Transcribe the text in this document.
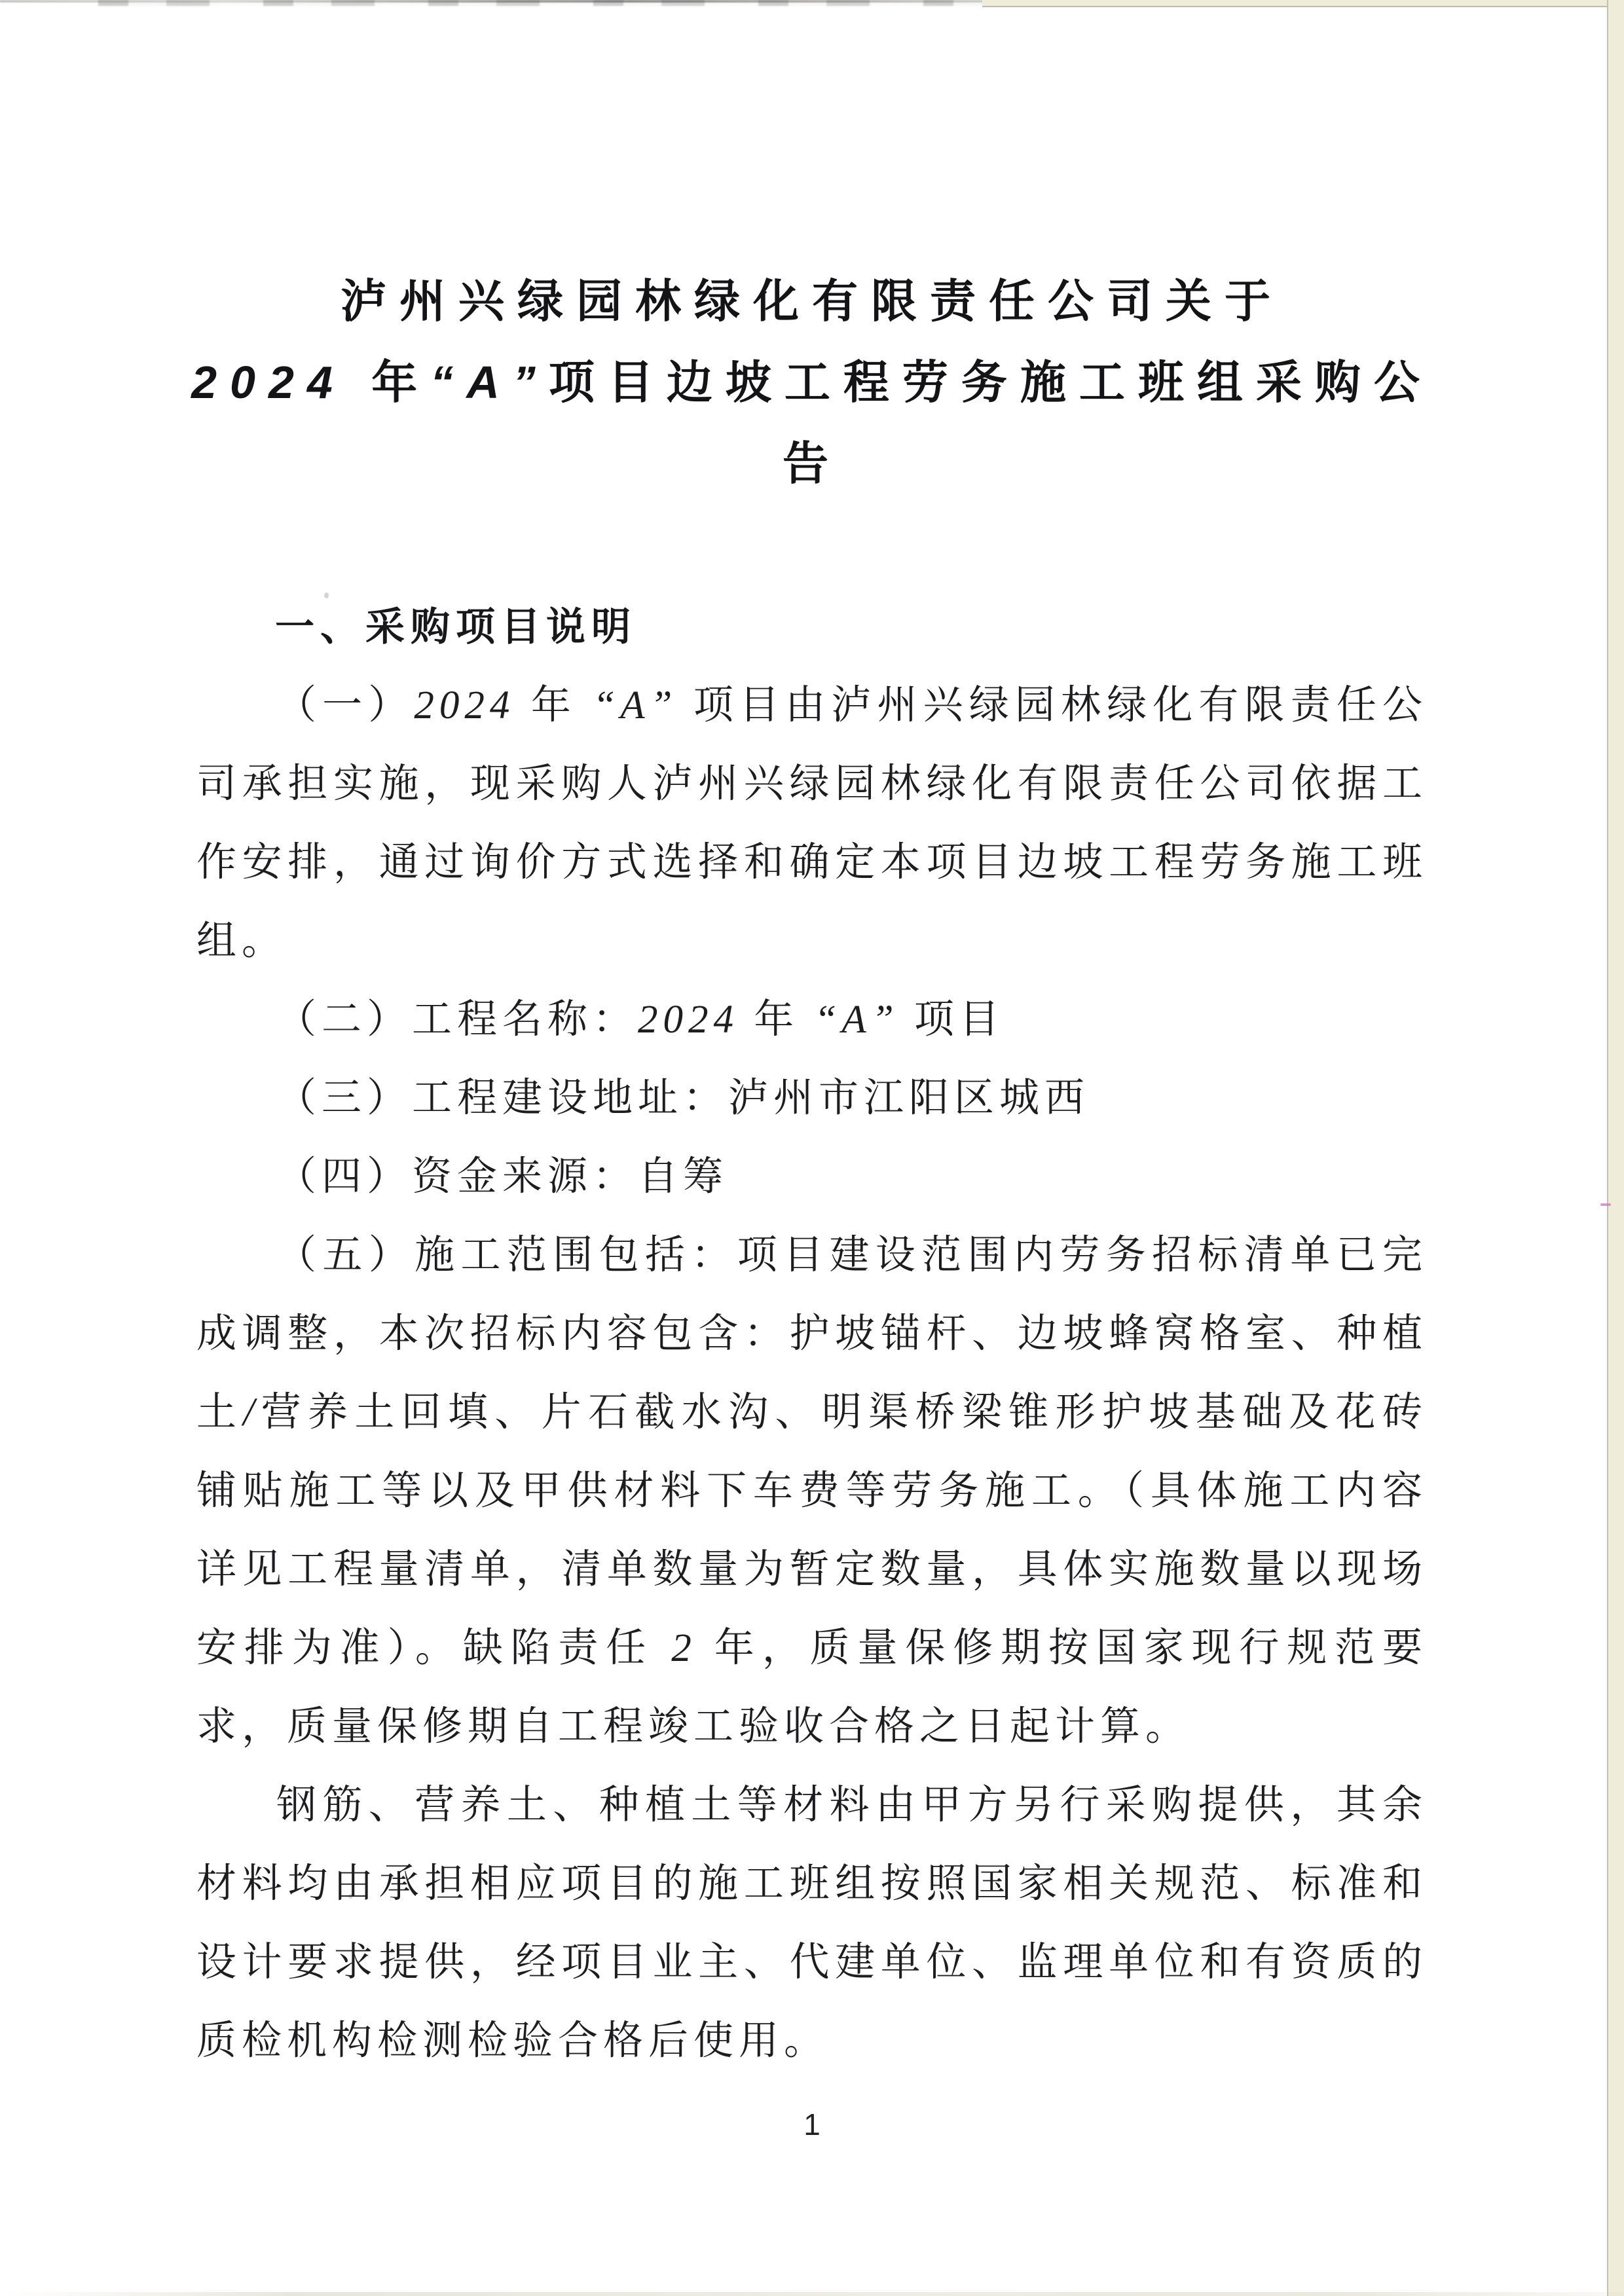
泸州兴绿园林绿化有限责任公司关于
2024 年“A”项目边坡工程劳务施工班组采购公告
一、采购项目说明

（一）2024 年 “A” 项目由泸州兴绿园林绿化有限责任公司承担实施，现采购人泸州兴绿园林绿化有限责任公司依据工作安排，通过询价方式选择和确定本项目边坡工程劳务施工班组。

（二）工程名称：2024 年 “A” 项目

（三）工程建设地址：泸州市江阳区城西

（四）资金来源：自筹

（五）施工范围包括：项目建设范围内劳务招标清单已完成调整，本次招标内容包含：护坡锚杆、边坡蜂窝格室、种植土/营养土回填、片石截水沟、明渠桥梁锥形护坡基础及花砖铺贴施工等以及甲供材料下车费等劳务施工。（具体施工内容详见工程量清单，清单数量为暂定数量，具体实施数量以现场安排为准）。缺陷责任 2 年，质量保修期按国家现行规范要求，质量保修期自工程竣工验收合格之日起计算。

钢筋、营养土、种植土等材料由甲方另行采购提供，其余材料均由承担相应项目的施工班组按照国家相关规范、标准和设计要求提供，经项目业主、代建单位、监理单位和有资质的质检机构检测检验合格后使用。

1
